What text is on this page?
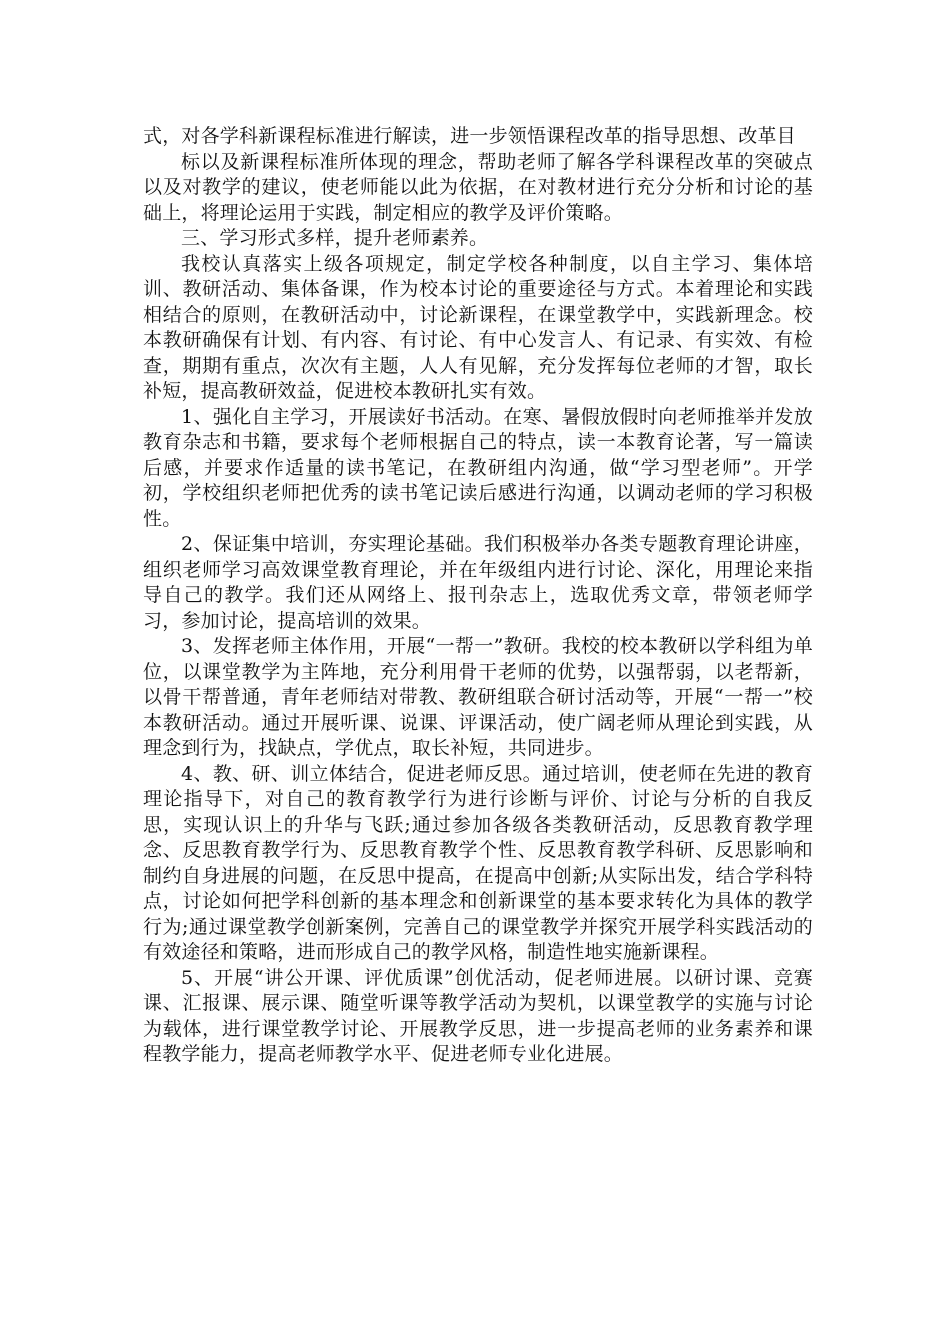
式，对各学科新课程标准进行解读，进一步领悟课程改革的指导思想、改革目

标以及新课程标准所体现的理念，帮助老师了解各学科课程改革的突破点以及对教学的建议，使老师能以此为依据，在对教材进行充分分析和讨论的基础上，将理论运用于实践，制定相应的教学及评价策略。

三、学习形式多样，提升老师素养。

我校认真落实上级各项规定，制定学校各种制度，以自主学习、集体培训、教研活动、集体备课，作为校本讨论的重要途径与方式。本着理论和实践相结合的原则，在教研活动中，讨论新课程，在课堂教学中，实践新理念。校本教研确保有计划、有内容、有讨论、有中心发言人、有记录、有实效、有检查，期期有重点，次次有主题，人人有见解，充分发挥每位老师的才智，取长补短，提高教研效益，促进校本教研扎实有效。

1、强化自主学习，开展读好书活动。在寒、暑假放假时向老师推举并发放教育杂志和书籍，要求每个老师根据自己的特点，读一本教育论著，写一篇读后感，并要求作适量的读书笔记，在教研组内沟通，做“学习型老师”。开学初，学校组织老师把优秀的读书笔记读后感进行沟通，以调动老师的学习积极性。

2、保证集中培训，夯实理论基础。我们积极举办各类专题教育理论讲座，组织老师学习高效课堂教育理论，并在年级组内进行讨论、深化，用理论来指导自己的教学。我们还从网络上、报刊杂志上，选取优秀文章，带领老师学习，参加讨论，提高培训的效果。

3、发挥老师主体作用，开展“一帮一”教研。我校的校本教研以学科组为单位，以课堂教学为主阵地，充分利用骨干老师的优势，以强帮弱，以老帮新，以骨干帮普通，青年老师结对带教、教研组联合研讨活动等，开展“一帮一”校本教研活动。通过开展听课、说课、评课活动，使广阔老师从理论到实践，从理念到行为，找缺点，学优点，取长补短，共同进步。

4、教、研、训立体结合，促进老师反思。通过培训，使老师在先进的教育理论指导下，对自己的教育教学行为进行诊断与评价、讨论与分析的自我反思，实现认识上的升华与飞跃;通过参加各级各类教研活动，反思教育教学理念、反思教育教学行为、反思教育教学个性、反思教育教学科研、反思影响和制约自身进展的问题，在反思中提高，在提高中创新;从实际出发，结合学科特点，讨论如何把学科创新的基本理念和创新课堂的基本要求转化为具体的教学行为;通过课堂教学创新案例，完善自己的课堂教学并探究开展学科实践活动的有效途径和策略，进而形成自己的教学风格，制造性地实施新课程。

5、开展“讲公开课、评优质课”创优活动，促老师进展。以研讨课、竞赛课、汇报课、展示课、随堂听课等教学活动为契机，以课堂教学的实施与讨论为载体，进行课堂教学讨论、开展教学反思，进一步提高老师的业务素养和课程教学能力，提高老师教学水平、促进老师专业化进展。
